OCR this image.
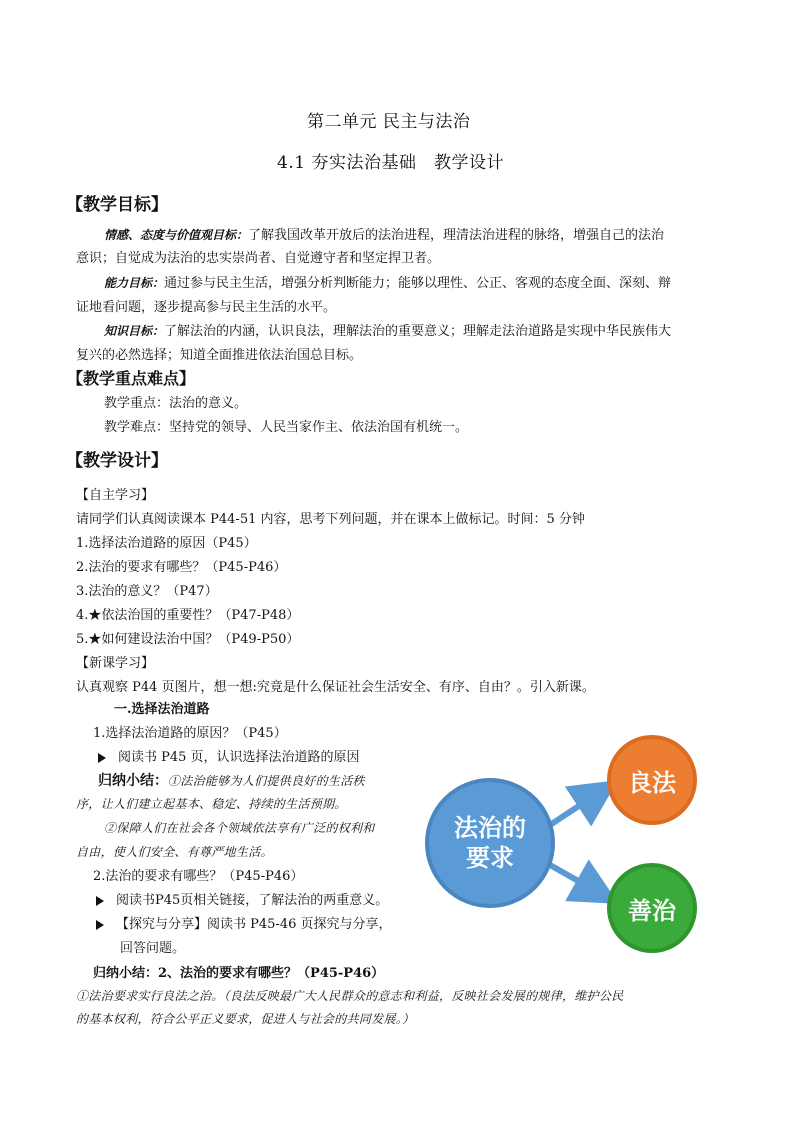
第二单元 民主与法治
4.1 夯实法治基础　教学设计
【教学目标】
情感、态度与价值观目标：了解我国改革开放后的法治进程，理清法治进程的脉络，增强自己的法治
意识；自觉成为法治的忠实崇尚者、自觉遵守者和坚定捍卫者。
能力目标：通过参与民主生活，增强分析判断能力；能够以理性、公正、客观的态度全面、深刻、辩
证地看问题，逐步提高参与民主生活的水平。
知识目标：了解法治的内涵，认识良法，理解法治的重要意义；理解走法治道路是实现中华民族伟大
复兴的必然选择；知道全面推进依法治国总目标。
【教学重点难点】
教学重点：法治的意义。
教学难点：坚持党的领导、人民当家作主、依法治国有机统一。
【教学设计】
【自主学习】
请同学们认真阅读课本 P44-51 内容，思考下列问题，并在课本上做标记。时间：5 分钟
1.选择法治道路的原因（P45）
2.法治的要求有哪些？（P45-P46）
3.法治的意义？（P47）
4.★依法治国的重要性？（P47-P48）
5.★如何建设法治中国？（P49-P50）
【新课学习】
认真观察 P44 页图片，想一想:究竟是什么保证社会生活安全、有序、自由？。引入新课。
一.选择法治道路
1.选择法治道路的原因？（P45）
阅读书 P45 页，认识选择法治道路的原因
归纳小结：①法治能够为人们提供良好的生活秩
序，让人们建立起基本、稳定、持续的生活预期。
②保障人们在社会各个领域依法享有广泛的权利和
自由，使人们安全、有尊严地生活。
2.法治的要求有哪些？（P45-P46）
阅读书P45页相关链接，了解法治的两重意义。
【探究与分享】阅读书 P45-46 页探究与分享，
回答问题。
归纳小结：2、法治的要求有哪些？（P45-P46）
①法治要求实行良法之治。（良法反映最广大人民群众的意志和利益，反映社会发展的规律，维护公民
的基本权利，符合公平正义要求，促进人与社会的共同发展。）
法治的
要求
良法
善治
